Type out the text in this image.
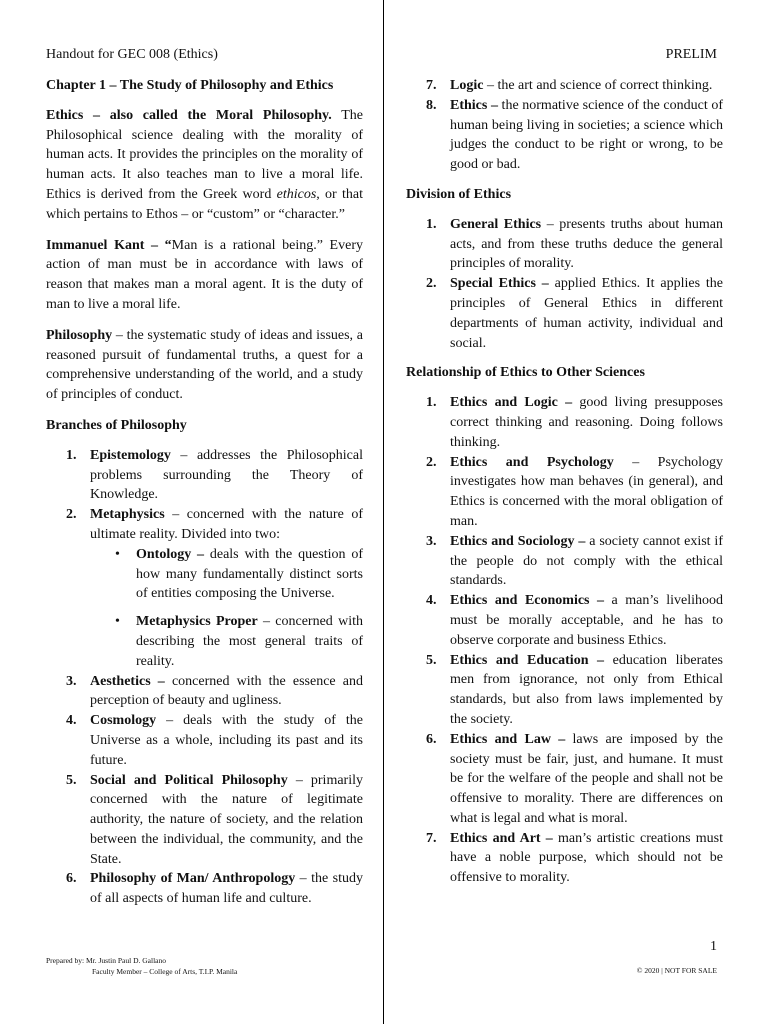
Handout for GEC 008 (Ethics)	PRELIM

Chapter 1 – The Study of Philosophy and Ethics

Ethics – also called the Moral Philosophy. The Philosophical science dealing with the morality of human acts. It provides the principles on the morality of human acts. It also teaches man to live a moral life. Ethics is derived from the Greek word ethicos, or that which pertains to Ethos – or “custom” or “character.”

Immanuel Kant – “Man is a rational being.” Every action of man must be in accordance with laws of reason that makes man a moral agent. It is the duty of man to live a moral life.

Philosophy – the systematic study of ideas and issues, a reasoned pursuit of fundamental truths, a quest for a comprehensive understanding of the world, and a study of principles of conduct.

Branches of Philosophy

1. Epistemology – addresses the Philosophical problems surrounding the Theory of Knowledge.
2. Metaphysics – concerned with the nature of ultimate reality. Divided into two:
• Ontology – deals with the question of how many fundamentally distinct sorts of entities composing the Universe.
• Metaphysics Proper – concerned with describing the most general traits of reality.
3. Aesthetics – concerned with the essence and perception of beauty and ugliness.
4. Cosmology – deals with the study of the Universe as a whole, including its past and its future.
5. Social and Political Philosophy – primarily concerned with the nature of legitimate authority, the nature of society, and the relation between the individual, the community, and the State.
6. Philosophy of Man/ Anthropology – the study of all aspects of human life and culture.
7. Logic – the art and science of correct thinking.
8. Ethics – the normative science of the conduct of human being living in societies; a science which judges the conduct to be right or wrong, to be good or bad.

Division of Ethics

1. General Ethics – presents truths about human acts, and from these truths deduce the general principles of morality.
2. Special Ethics – applied Ethics. It applies the principles of General Ethics in different departments of human activity, individual and social.

Relationship of Ethics to Other Sciences

1. Ethics and Logic – good living presupposes correct thinking and reasoning. Doing follows thinking.
2. Ethics and Psychology – Psychology investigates how man behaves (in general), and Ethics is concerned with the moral obligation of man.
3. Ethics and Sociology – a society cannot exist if the people do not comply with the ethical standards.
4. Ethics and Economics – a man’s livelihood must be morally acceptable, and he has to observe corporate and business Ethics.
5. Ethics and Education – education liberates men from ignorance, not only from Ethical standards, but also from laws implemented by the society.
6. Ethics and Law – laws are imposed by the society must be fair, just, and humane. It must be for the welfare of the people and shall not be offensive to morality. There are differences on what is legal and what is moral.
7. Ethics and Art – man’s artistic creations must have a noble purpose, which should not be offensive to morality.
1
Prepared by: Mr. Justin Paul D. Gallano
Faculty Member – College of Arts, T.I.P. Manila	© 2020 | NOT FOR SALE
